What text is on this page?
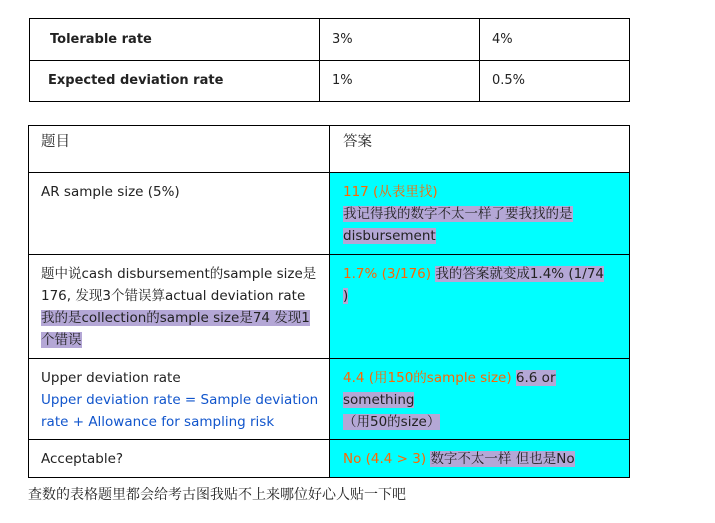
Tolerable rate	3%	4%
Expected deviation rate	1%	0.5%
题目	答案

AR sample size (5%)	117 (从表里找)
我记得我的数字不太一样了要我找的是
disbursement

题中说cash disbursement的sample size是
176, 发现3个错误算actual deviation rate
我的是collection的sample size是74 发现1
个错误	1.7% (3/176) 我的答案就变成1.4% (1/74
)

Upper deviation rate
Upper deviation rate = Sample deviation
rate + Allowance for sampling risk	4.4 (用150的sample size) 6.6 or something
（用50的size）

Acceptable?	No (4.4 > 3) 数字不太一样 但也是No
查数的表格题里都会给考古图我贴不上来哪位好心人贴一下吧
